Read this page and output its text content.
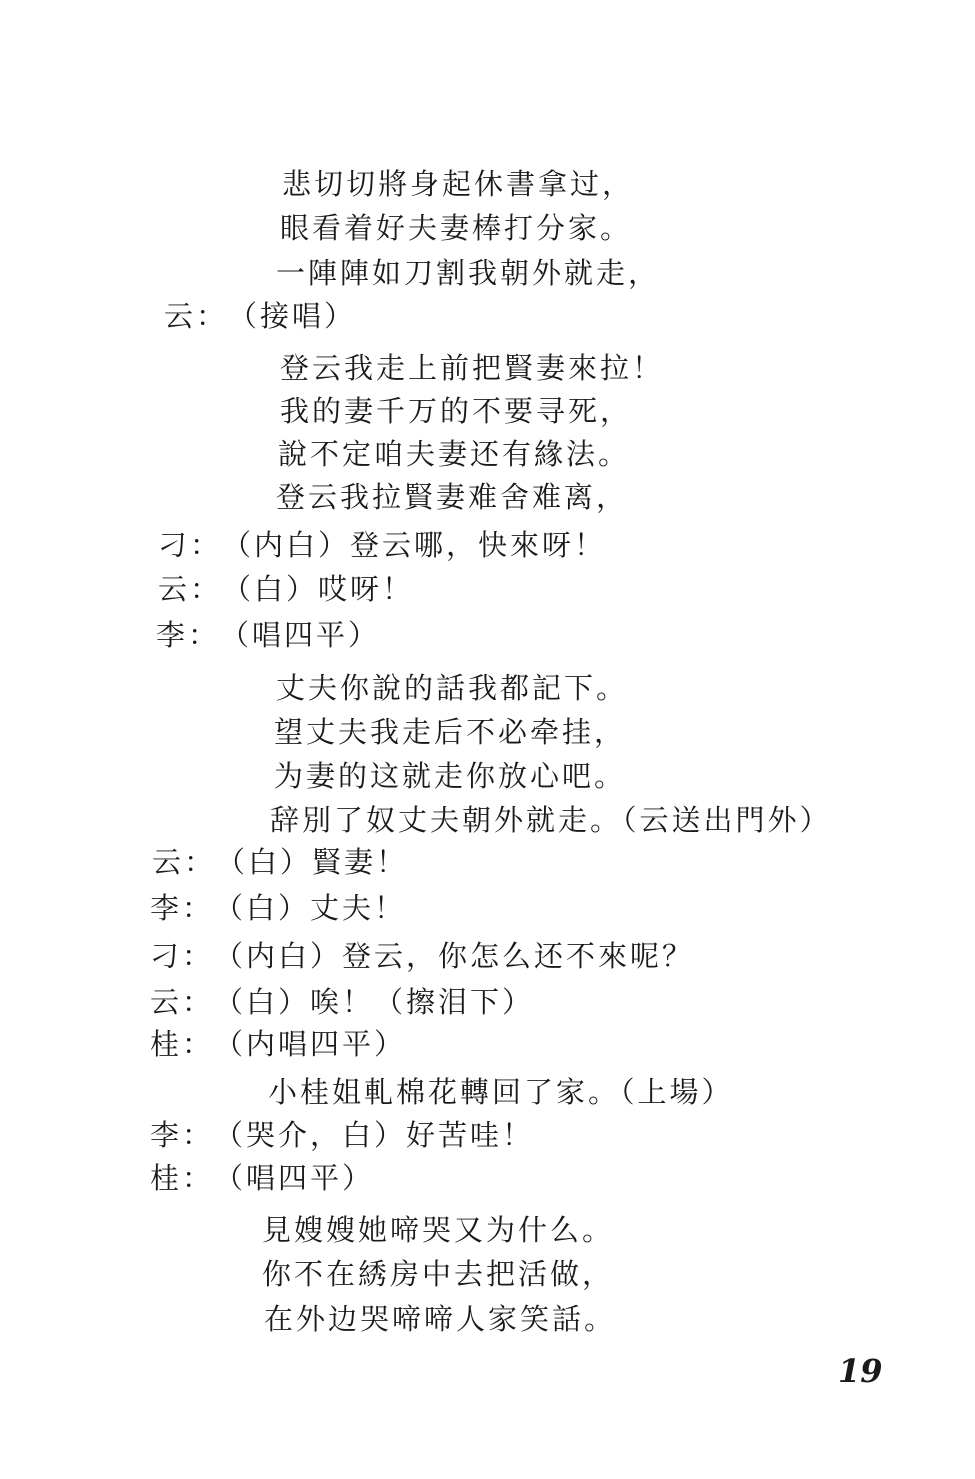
悲切切將身起休書拿过，
眼看着好夫妻棒打分家。
一陣陣如刀割我朝外就走，
云：（接唱）
登云我走上前把賢妻來拉！
我的妻千万的不要寻死，
說不定咱夫妻还有緣法。
登云我拉賢妻难舍难离，
刁：（内白）登云哪，快來呀！
云：（白）哎呀！
李：（唱四平）
丈夫你說的話我都記下。
望丈夫我走后不必牵挂，
为妻的这就走你放心吧。
辞別了奴丈夫朝外就走。（云送出門外）
云：（白）賢妻！
李：（白）丈夫！
刁：（内白）登云，你怎么还不來呢？
云：（白）唉！（擦泪下）
桂：（内唱四平）
小桂姐軋棉花轉回了家。（上場）
李：（哭介，白）好苦哇！
桂：（唱四平）
見嫂嫂她啼哭又为什么。
你不在綉房中去把活做，
在外边哭啼啼人家笑話。
19
